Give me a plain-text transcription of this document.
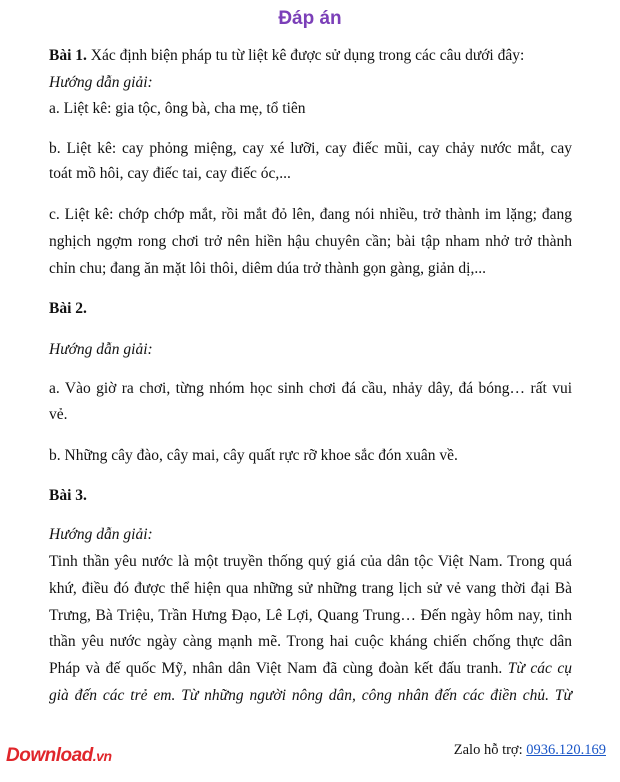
Đáp án
Bài 1. Xác định biện pháp tu từ liệt kê được sử dụng trong các câu dưới đây:
Hướng dẫn giải:
a. Liệt kê: gia tộc, ông bà, cha mẹ, tổ tiên
b. Liệt kê: cay phỏng miệng, cay xé lưỡi, cay điếc mũi, cay chảy nước mắt, cay
toát mồ hôi, cay điếc tai, cay điếc óc,...
c. Liệt kê: chớp chớp mắt, rồi mắt đỏ lên, đang nói nhiều, trở thành im lặng; đang
nghịch ngợm rong chơi trở nên hiền hậu chuyên cần; bài tập nham nhở trở thành
chỉn chu; đang ăn mặt lôi thôi, diêm dúa trở thành gọn gàng, giản dị,...
Bài 2.
Hướng dẫn giải:
a. Vào giờ ra chơi, từng nhóm học sinh chơi đá cầu, nhảy dây, đá bóng… rất vui
vẻ.
b. Những cây đào, cây mai, cây quất rực rỡ khoe sắc đón xuân về.
Bài 3.
Hướng dẫn giải:
Tinh thần yêu nước là một truyền thống quý giá của dân tộc Việt Nam. Trong quá
khứ, điều đó được thể hiện qua những sử những trang lịch sử vẻ vang thời đại Bà
Trưng, Bà Triệu, Trần Hưng Đạo, Lê Lợi, Quang Trung… Đến ngày hôm nay, tinh
thần yêu nước ngày càng mạnh mẽ. Trong hai cuộc kháng chiến chống thực dân
Pháp và đế quốc Mỹ, nhân dân Việt Nam đã cùng đoàn kết đấu tranh. Từ các cụ
già đến các trẻ em. Từ những người nông dân, công nhân đến các điền chủ. Từ
Download.vn	Zalo hỗ trợ: 0936.120.169
